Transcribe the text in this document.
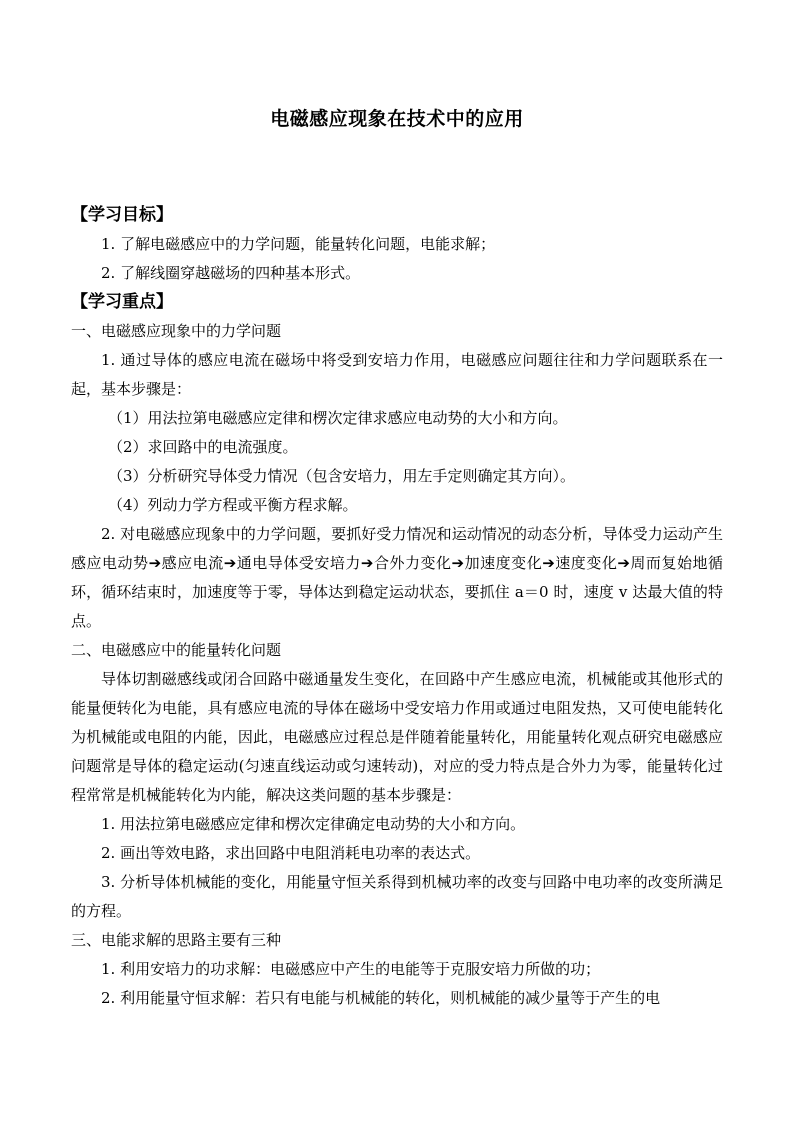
电磁感应现象在技术中的应用

【学习目标】

1. 了解电磁感应中的力学问题，能量转化问题，电能求解；

2. 了解线圈穿越磁场的四种基本形式。

【学习重点】

一、电磁感应现象中的力学问题

1. 通过导体的感应电流在磁场中将受到安培力作用，电磁感应问题往往和力学问题联系在一起，基本步骤是：

（1）用法拉第电磁感应定律和楞次定律求感应电动势的大小和方向。

（2）求回路中的电流强度。

（3）分析研究导体受力情况（包含安培力，用左手定则确定其方向）。

（4）列动力学方程或平衡方程求解。

2. 对电磁感应现象中的力学问题，要抓好受力情况和运动情况的动态分析，导体受力运动产生感应电动势➔感应电流➔通电导体受安培力➔合外力变化➔加速度变化➔速度变化➔周而复始地循环，循环结束时，加速度等于零，导体达到稳定运动状态，要抓住 a＝0 时，速度 v 达最大值的特点。

二、电磁感应中的能量转化问题

导体切割磁感线或闭合回路中磁通量发生变化，在回路中产生感应电流，机械能或其他形式的能量便转化为电能，具有感应电流的导体在磁场中受安培力作用或通过电阻发热，又可使电能转化为机械能或电阻的内能，因此，电磁感应过程总是伴随着能量转化，用能量转化观点研究电磁感应问题常是导体的稳定运动(匀速直线运动或匀速转动)，对应的受力特点是合外力为零，能量转化过程常常是机械能转化为内能，解决这类问题的基本步骤是：

1. 用法拉第电磁感应定律和楞次定律确定电动势的大小和方向。

2. 画出等效电路，求出回路中电阻消耗电功率的表达式。

3. 分析导体机械能的变化，用能量守恒关系得到机械功率的改变与回路中电功率的改变所满足的方程。

三、电能求解的思路主要有三种

1. 利用安培力的功求解：电磁感应中产生的电能等于克服安培力所做的功；

2. 利用能量守恒求解：若只有电能与机械能的转化，则机械能的减少量等于产生的电
